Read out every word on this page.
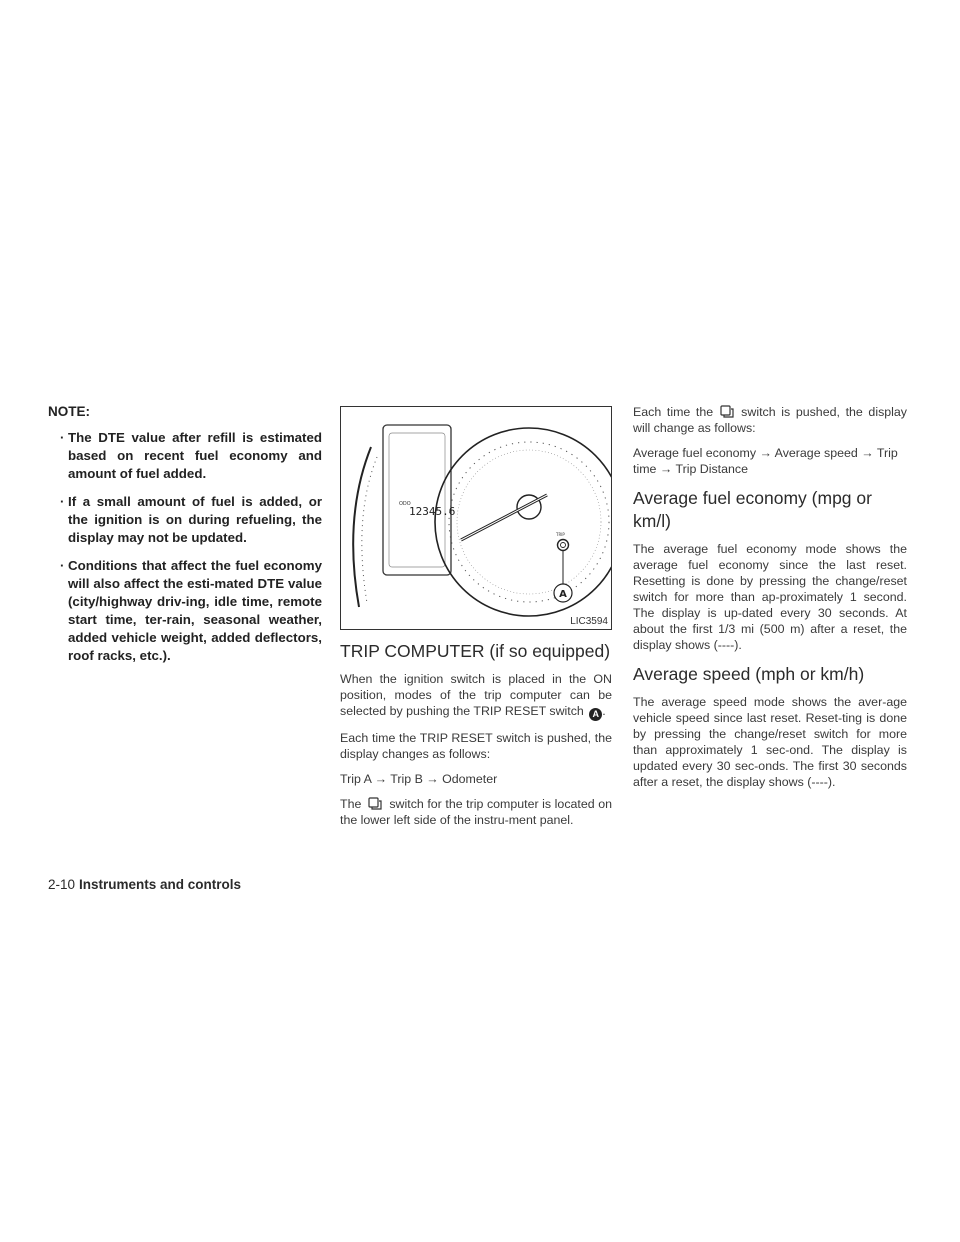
NOTE:
· The DTE value after refill is estimated based on recent fuel economy and amount of fuel added.
· If a small amount of fuel is added, or the ignition is on during refueling, the display may not be updated.
· Conditions that affect the fuel economy will also affect the esti-mated DTE value (city/highway driv-ing, idle time, remote start time, ter-rain, seasonal weather, added vehicle weight, added deflectors, roof racks, etc.).
ODO
12345.6
TRIP
A
LIC3594
TRIP COMPUTER (if so equipped)

When the ignition switch is placed in the ON position, modes of the trip computer can be selected by pushing the TRIP RESET switch A .

Each time the TRIP RESET switch is pushed, the display changes as follows:

Trip A → Trip B → Odometer

The switch for the trip computer is located on the lower left side of the instru-ment panel.

Each time the switch is pushed, the display will change as follows:

Average fuel economy → Average speed → Trip time → Trip Distance

Average fuel economy (mpg or km/l)

The average fuel economy mode shows the average fuel economy since the last reset. Resetting is done by pressing the change/reset switch for more than ap-proximately 1 second. The display is up-dated every 30 seconds. At about the first 1/3 mi (500 m) after a reset, the display shows (----).

Average speed (mph or km/h)

The average speed mode shows the aver-age vehicle speed since last reset. Reset-ting is done by pressing the change/reset switch for more than approximately 1 sec-ond. The display is updated every 30 sec-onds. The first 30 seconds after a reset, the display shows (----).

2-10 Instruments and controls
